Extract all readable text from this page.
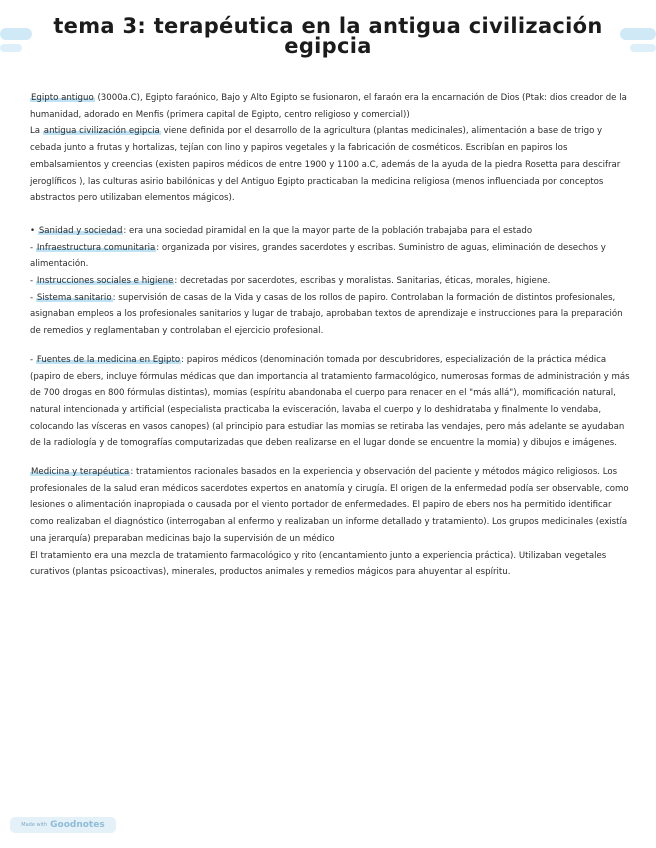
tema 3: terapéutica en la antigua civilización
egipcia

Egipto antiguo (3000a.C), Egipto faraónico, Bajo y Alto Egipto se fusionaron, el faraón era la encarnación de Dios (Ptak: dios creador de la humanidad, adorado en Menfis (primera capital de Egipto, centro religioso y comercial))

La antigua civilización egipcia viene definida por el desarrollo de la agricultura (plantas medicinales), alimentación a base de trigo y cebada junto a frutas y hortalizas, tejían con lino y papiros vegetales y la fabricación de cosméticos. Escribían en papiros los embalsamientos y creencias (existen papiros médicos de entre 1900 y 1100 a.C, además de la ayuda de la piedra Rosetta para descifrar jeroglíficos ), las culturas asirio babilónicas y del Antiguo Egipto practicaban la medicina religiosa (menos influenciada por conceptos abstractos pero utilizaban elementos mágicos).

• Sanidad y sociedad: era una sociedad piramidal en la que la mayor parte de la población trabajaba para el estado

- Infraestructura comunitaria: organizada por visires, grandes sacerdotes y escribas. Suministro de aguas, eliminación de desechos y alimentación.

- Instrucciones sociales e higiene: decretadas por sacerdotes, escribas y moralistas. Sanitarias, éticas, morales, higiene.

- Sistema sanitario: supervisión de casas de la Vida y casas de los rollos de papiro. Controlaban la formación de distintos profesionales, asignaban empleos a los profesionales sanitarios y lugar de trabajo, aprobaban textos de aprendizaje e instrucciones para la preparación de remedios y reglamentaban y controlaban el ejercicio profesional.

- Fuentes de la medicina en Egipto: papiros médicos (denominación tomada por descubridores, especialización de la práctica médica (papiro de ebers, incluye fórmulas médicas que dan importancia al tratamiento farmacológico, numerosas formas de administración y más de 700 drogas en 800 fórmulas distintas), momias (espíritu abandonaba el cuerpo para renacer en el "más allá"), momificación natural, natural intencionada y artificial (especialista practicaba la evisceración, lavaba el cuerpo y lo deshidrataba y finalmente lo vendaba, colocando las vísceras en vasos canopes) (al principio para estudiar las momias se retiraba las vendajes, pero más adelante se ayudaban de la radiología y de tomografías computarizadas que deben realizarse en el lugar donde se encuentre la momia) y dibujos e imágenes.

Medicina y terapéutica: tratamientos racionales basados en la experiencia y observación del paciente y métodos mágico religiosos. Los profesionales de la salud eran médicos sacerdotes expertos en anatomía y cirugía. El origen de la enfermedad podía ser observable, como lesiones o alimentación inapropiada o causada por el viento portador de enfermedades. El papiro de ebers nos ha permitido identificar como realizaban el diagnóstico (interrogaban al enfermo y realizaban un informe detallado y tratamiento). Los grupos medicinales (existía una jerarquía) preparaban medicinas bajo la supervisión de un médico

El tratamiento era una mezcla de tratamiento farmacológico y rito (encantamiento junto a experiencia práctica). Utilizaban vegetales curativos (plantas psicoactivas), minerales, productos animales y remedios mágicos para ahuyentar al espíritu.

Made with Goodnotes
